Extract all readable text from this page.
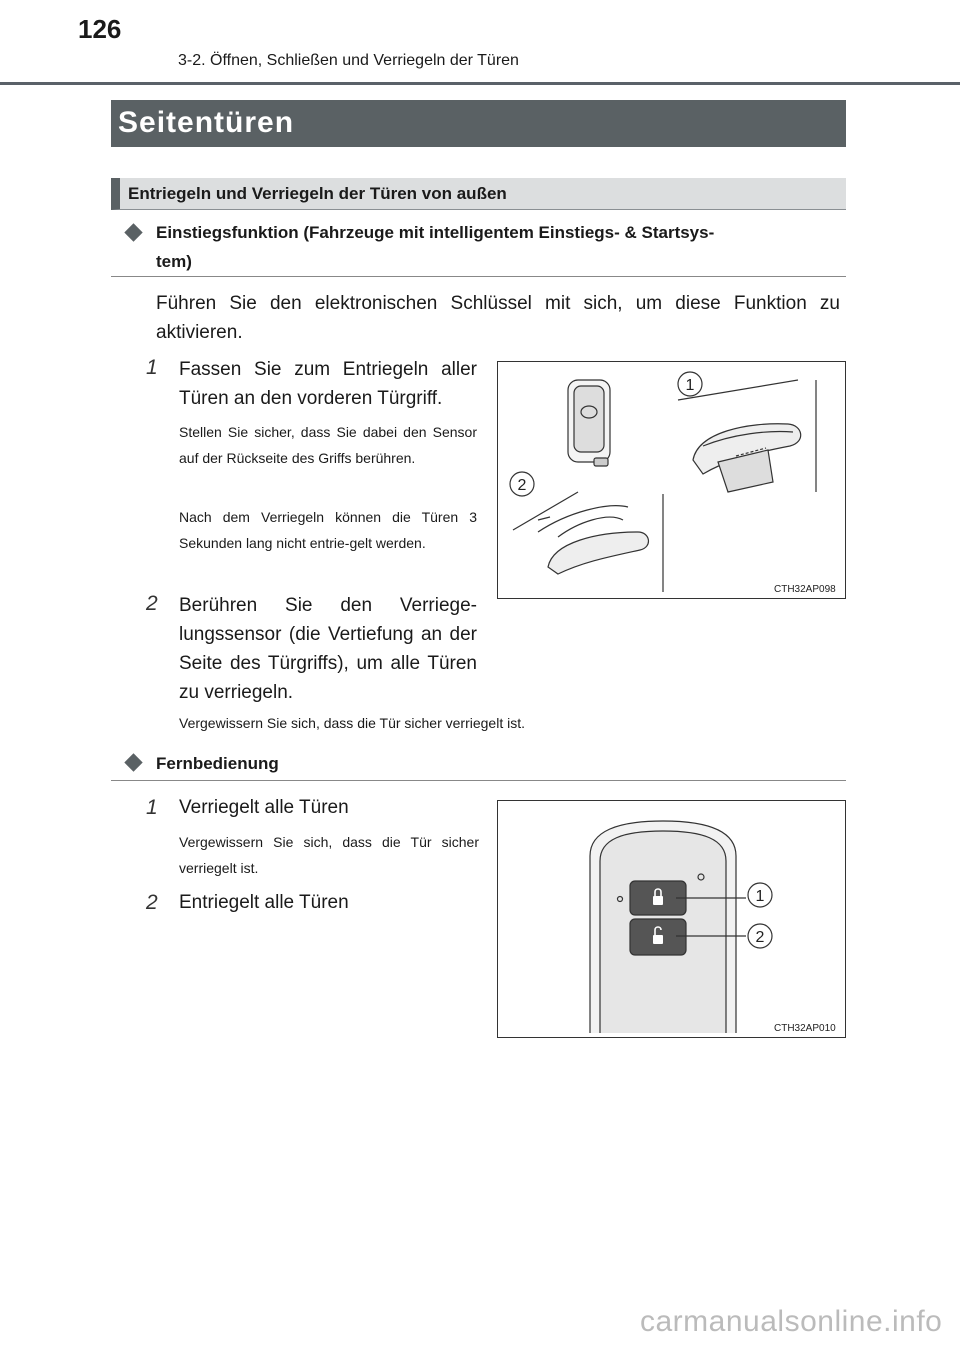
126
3-2. Öffnen, Schließen und Verriegeln der Türen
Seitentüren
Entriegeln und Verriegeln der Türen von außen
Einstiegsfunktion (Fahrzeuge mit intelligentem Einstiegs- & Startsys-
tem)
Führen Sie den elektronischen Schlüssel mit sich, um diese Funktion zu aktivieren.
1 Fassen Sie zum Entriegeln aller Türen an den vorderen Türgriff.
Stellen Sie sicher, dass Sie dabei den Sensor auf der Rückseite des Griffs berühren.
Nach dem Verriegeln können die Türen 3 Sekunden lang nicht entrie-gelt werden.
2 Berühren Sie den Verriege-lungssensor (die Vertiefung an der Seite des Türgriffs), um alle Türen zu verriegeln.
Vergewissern Sie sich, dass die Tür sicher verriegelt ist.
1
2
CTH32AP098
Fernbedienung
1 Verriegelt alle Türen
Vergewissern Sie sich, dass die Tür sicher verriegelt ist.
2 Entriegelt alle Türen	1
2
CTH32AP010
carmanualsonline.info
